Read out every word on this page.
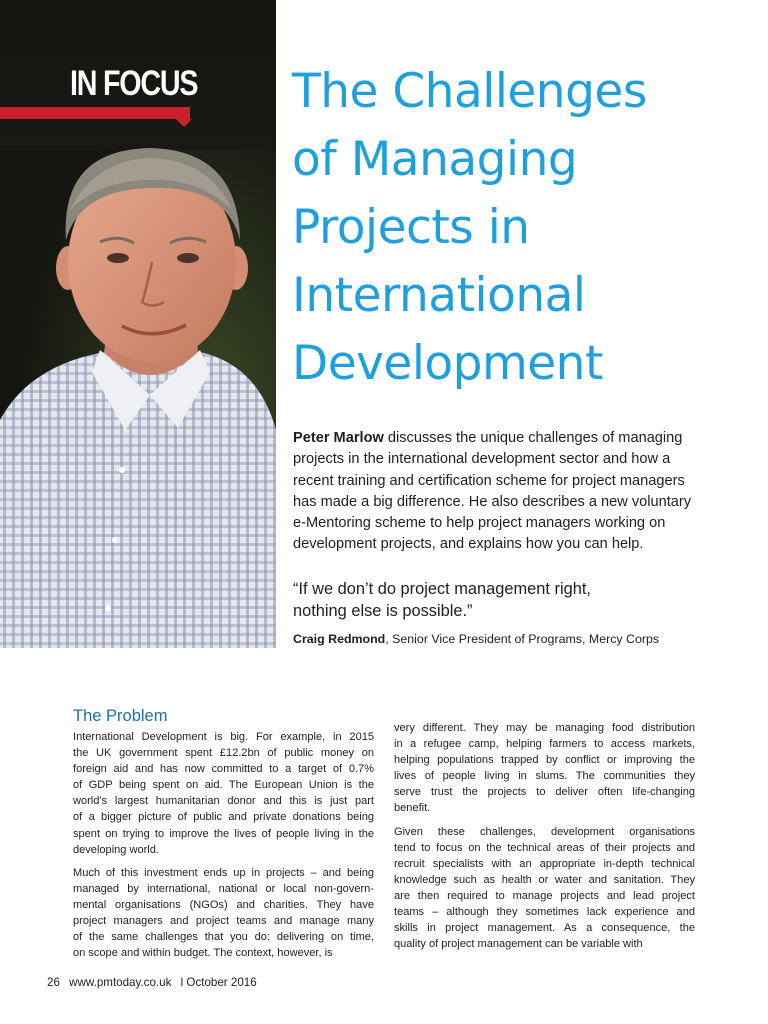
IN FOCUS The Challenges
of Managing
Projects in
International
Development
Peter Marlow discusses the unique challenges of managing projects in the international development sector and how a recent training and certification scheme for project managers has made a big difference. He also describes a new voluntary e-Mentoring scheme to help project managers working on development projects, and explains how you can help.
“If we don’t do project management right,
nothing else is possible.”
Craig Redmond, Senior Vice President of Programs, Mercy Corps
The Problem

International Development is big. For example, in 2015
the UK government spent £12.2bn of public money on
foreign aid and has now committed to a target of 0.7%
of GDP being spent on aid. The European Union is the
world’s largest humanitarian donor and this is just part
of a bigger picture of public and private donations being
spent on trying to improve the lives of people living in the
developing world.

Much of this investment ends up in projects – and being
managed by international, national or local non-govern-
mental organisations (NGOs) and charities. They have
project managers and project teams and manage many
of the same challenges that you do: delivering on time,
on scope and within budget. The context, however, is

very different. They may be managing food distribution
in a refugee camp, helping farmers to access markets,
helping populations trapped by conflict or improving the
lives of people living in slums. The communities they
serve trust the projects to deliver often life-changing
benefit.

Given these challenges, development organisations
tend to focus on the technical areas of their projects and
recruit specialists with an appropriate in-depth technical
knowledge such as health or water and sanitation. They
are then required to manage projects and lead project
teams – although they sometimes lack experience and
skills in project management. As a consequence, the
quality of project management can be variable with

26 www.pmtoday.co.uk l October 2016
